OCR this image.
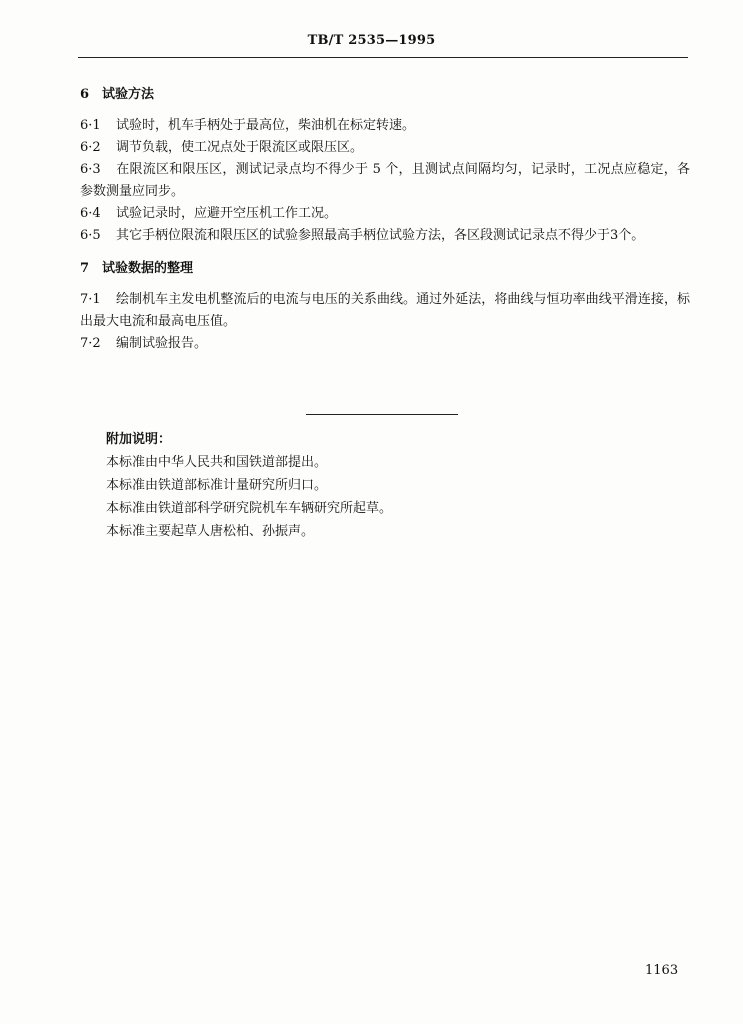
TB/T 2535—1995

6 试验方法

6·1 试验时，机车手柄处于最高位，柴油机在标定转速。

6·2 调节负载，使工况点处于限流区或限压区。

6·3 在限流区和限压区，测试记录点均不得少于 5 个，且测试点间隔均匀，记录时，工况点应稳定，各参数测量应同步。

6·4 试验记录时，应避开空压机工作工况。

6·5 其它手柄位限流和限压区的试验参照最高手柄位试验方法，各区段测试记录点不得少于3个。

7 试验数据的整理

7·1 绘制机车主发电机整流后的电流与电压的关系曲线。通过外延法，将曲线与恒功率曲线平滑连接，标出最大电流和最高电压值。

7·2 编制试验报告。

附加说明：

本标准由中华人民共和国铁道部提出。

本标准由铁道部标准计量研究所归口。

本标准由铁道部科学研究院机车车辆研究所起草。

本标准主要起草人唐松柏、孙振声。

1163
